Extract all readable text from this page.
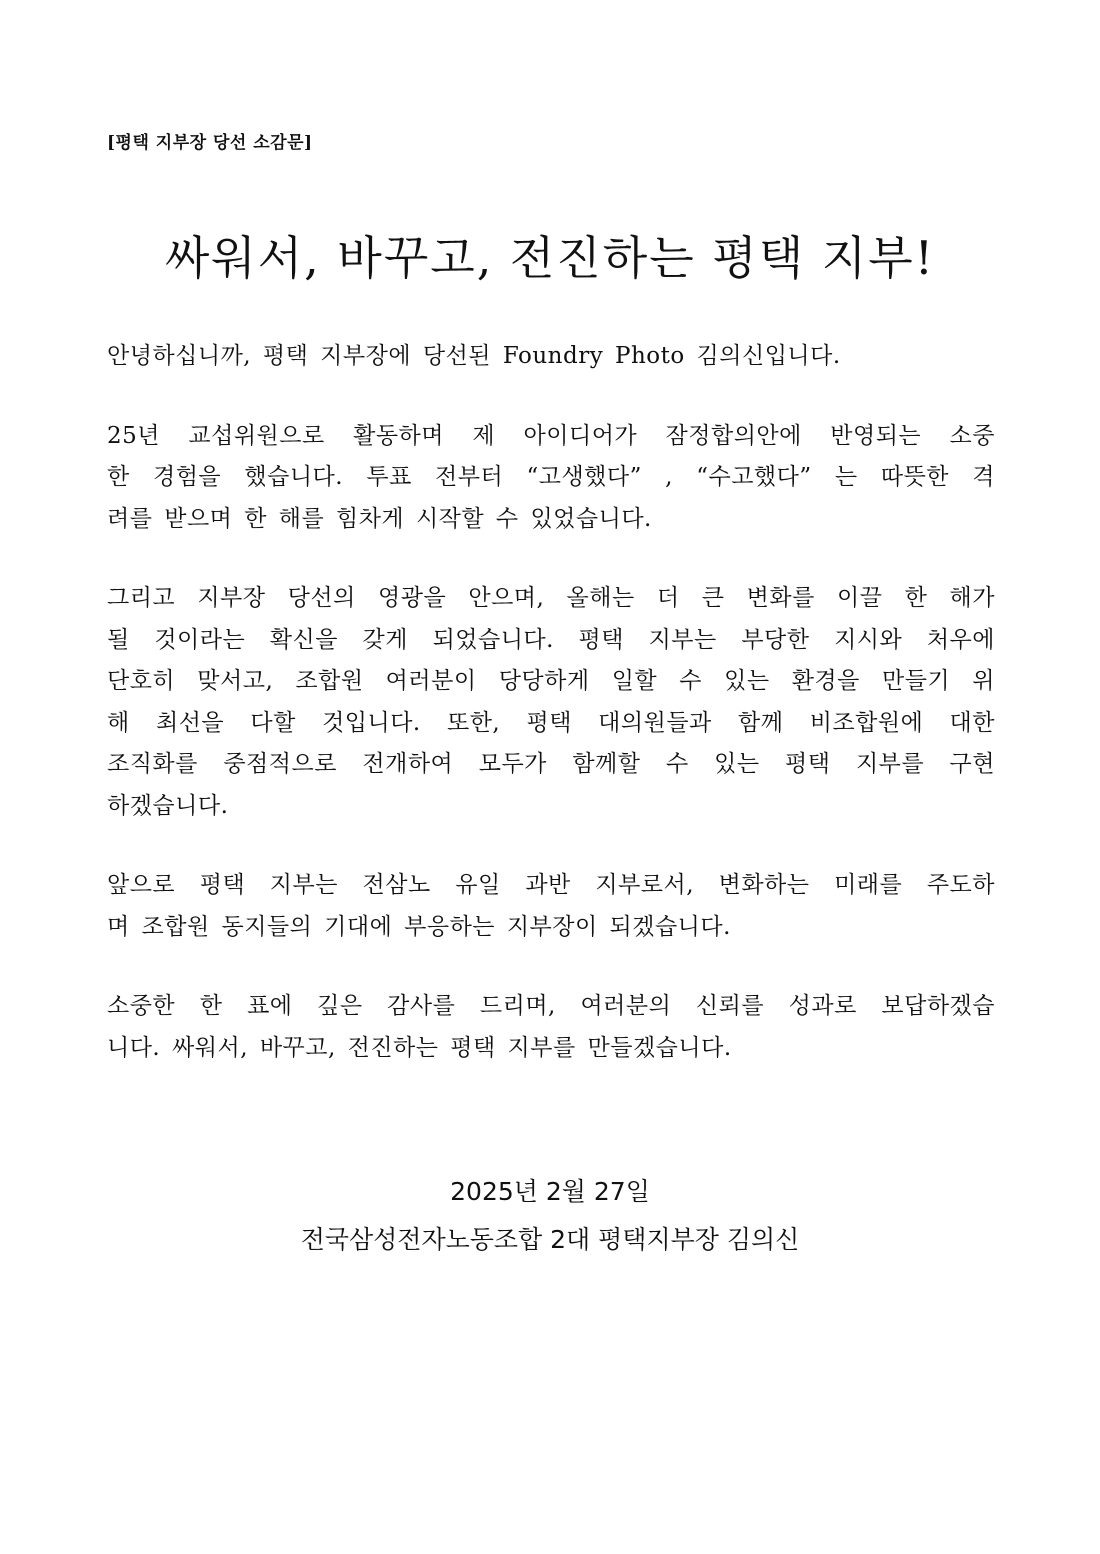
[평택 지부장 당선 소감문]
싸워서, 바꾸고, 전진하는 평택 지부!

안녕하십니까, 평택 지부장에 당선된 Foundry Photo 김의신입니다.

25년 교섭위원으로 활동하며 제 아이디어가 잠정합의안에 반영되는 소중
한 경험을 했습니다. 투표 전부터 “고생했다” , “수고했다” 는 따뜻한 격
려를 받으며 한 해를 힘차게 시작할 수 있었습니다.

그리고 지부장 당선의 영광을 안으며, 올해는 더 큰 변화를 이끌 한 해가
될 것이라는 확신을 갖게 되었습니다. 평택 지부는 부당한 지시와 처우에
단호히 맞서고, 조합원 여러분이 당당하게 일할 수 있는 환경을 만들기 위
해 최선을 다할 것입니다. 또한, 평택 대의원들과 함께 비조합원에 대한
조직화를 중점적으로 전개하여 모두가 함께할 수 있는 평택 지부를 구현
하겠습니다.

앞으로 평택 지부는 전삼노 유일 과반 지부로서, 변화하는 미래를 주도하
며 조합원 동지들의 기대에 부응하는 지부장이 되겠습니다.

소중한 한 표에 깊은 감사를 드리며, 여러분의 신뢰를 성과로 보답하겠습
니다. 싸워서, 바꾸고, 전진하는 평택 지부를 만들겠습니다.

2025년 2월 27일
전국삼성전자노동조합 2대 평택지부장 김의신
